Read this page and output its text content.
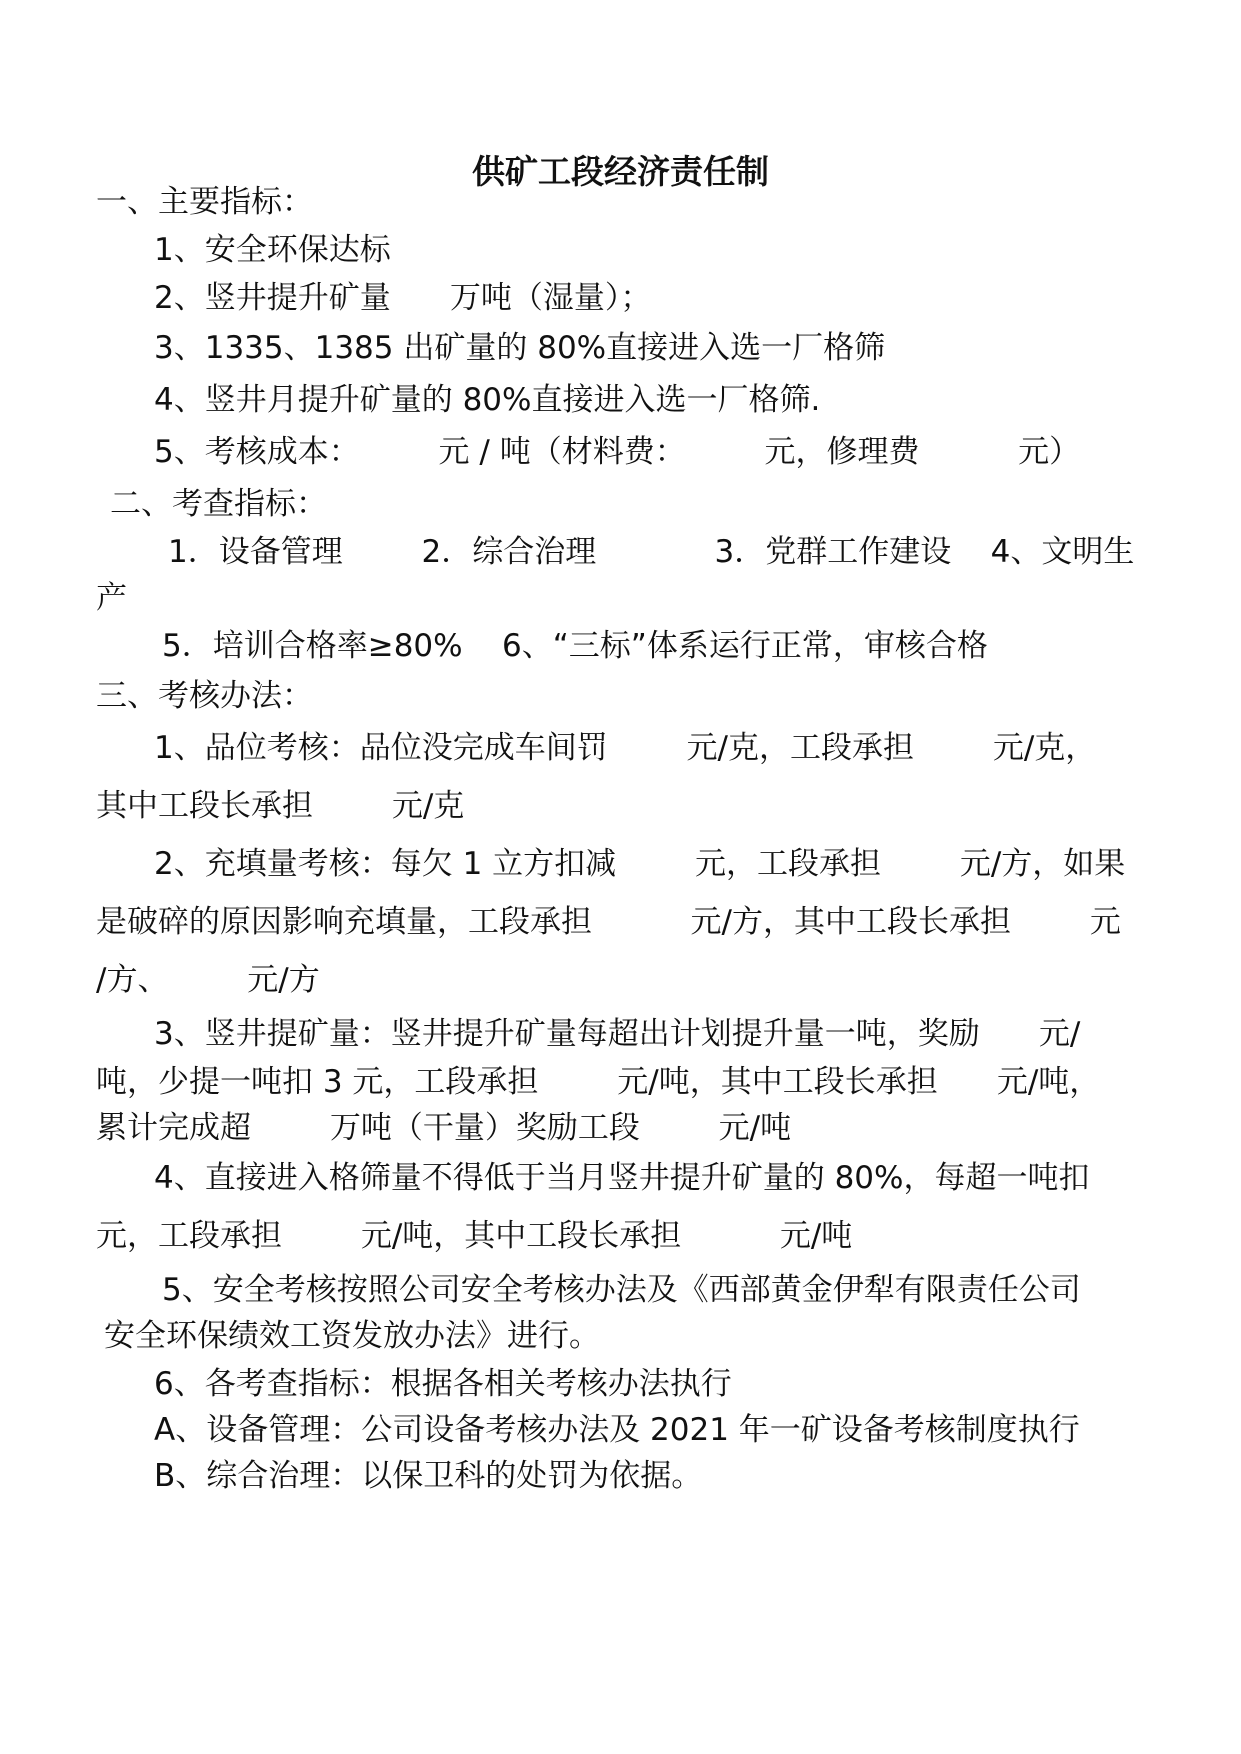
供矿工段经济责任制
一、主要指标：
1、安全环保达标
2、竖井提升矿量      万吨（湿量）；
3、1335、1385 出矿量的 80%直接进入选一厂格筛
4、竖井月提升矿量的 80%直接进入选一厂格筛.
5、考核成本：        元 / 吨（材料费：        元，修理费          元）
二、考查指标：
1．设备管理        2．综合治理            3．党群工作建设    4、文明生
产
5．培训合格率≥80%    6、“三标”体系运行正常，审核合格
三、考核办法：
1、品位考核：品位没完成车间罚        元/克，工段承担        元/克，
其中工段长承担        元/克
2、充填量考核：每欠 1 立方扣减        元，工段承担        元/方，如果
是破碎的原因影响充填量，工段承担          元/方，其中工段长承担        元
/方、        元/方
3、竖井提矿量：竖井提升矿量每超出计划提升量一吨，奖励      元/
吨，少提一吨扣 3 元，工段承担        元/吨，其中工段长承担      元/吨，
累计完成超        万吨（干量）奖励工段        元/吨
4、直接进入格筛量不得低于当月竖井提升矿量的 80%，每超一吨扣
元，工段承担        元/吨，其中工段长承担          元/吨
5、安全考核按照公司安全考核办法及《西部黄金伊犁有限责任公司
安全环保绩效工资发放办法》进行。
6、各考查指标：根据各相关考核办法执行
A、设备管理：公司设备考核办法及 2021 年一矿设备考核制度执行
B、综合治理：以保卫科的处罚为依据。
